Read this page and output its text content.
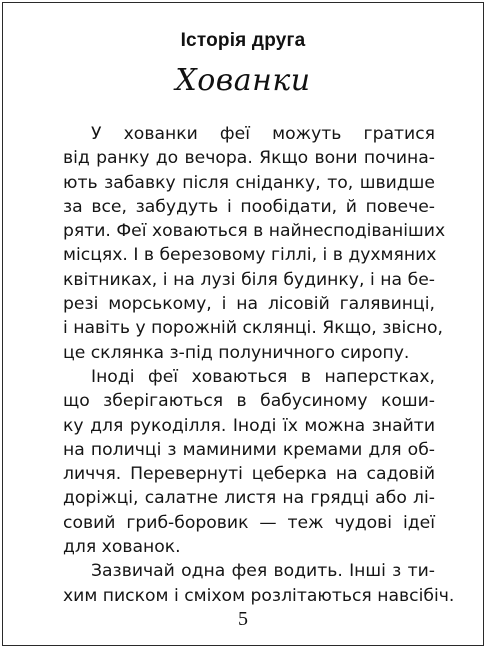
Історія друга
Хованки
У хованки феї можуть гратися
від ранку до вечора. Якщо вони почина-
ють забавку після сніданку, то, швидше
за все, забудуть і пообідати, й повече-
ряти. Феї ховаються в найнесподіваніших
місцях. І в березовому гіллі, і в духмяних
квітниках, і на лузі біля будинку, і на бе-
резі морському, і на лісовій галявинці,
і навіть у порожній склянці. Якщо, звісно,
це склянка з-під полуничного сиропу.
Іноді феї ховаються в наперстках,
що зберігаються в бабусиному коши-
ку для рукоділля. Іноді їх можна знайти
на поличці з маминими кремами для об-
личчя. Перевернуті цеберка на садовій
доріжці, салатне листя на грядці або лі-
совий гриб-боровик — теж чудові ідеї
для хованок.
Зазвичай одна фея водить. Інші з ти-
хим писком і сміхом розлітаються навсібіч.
5
